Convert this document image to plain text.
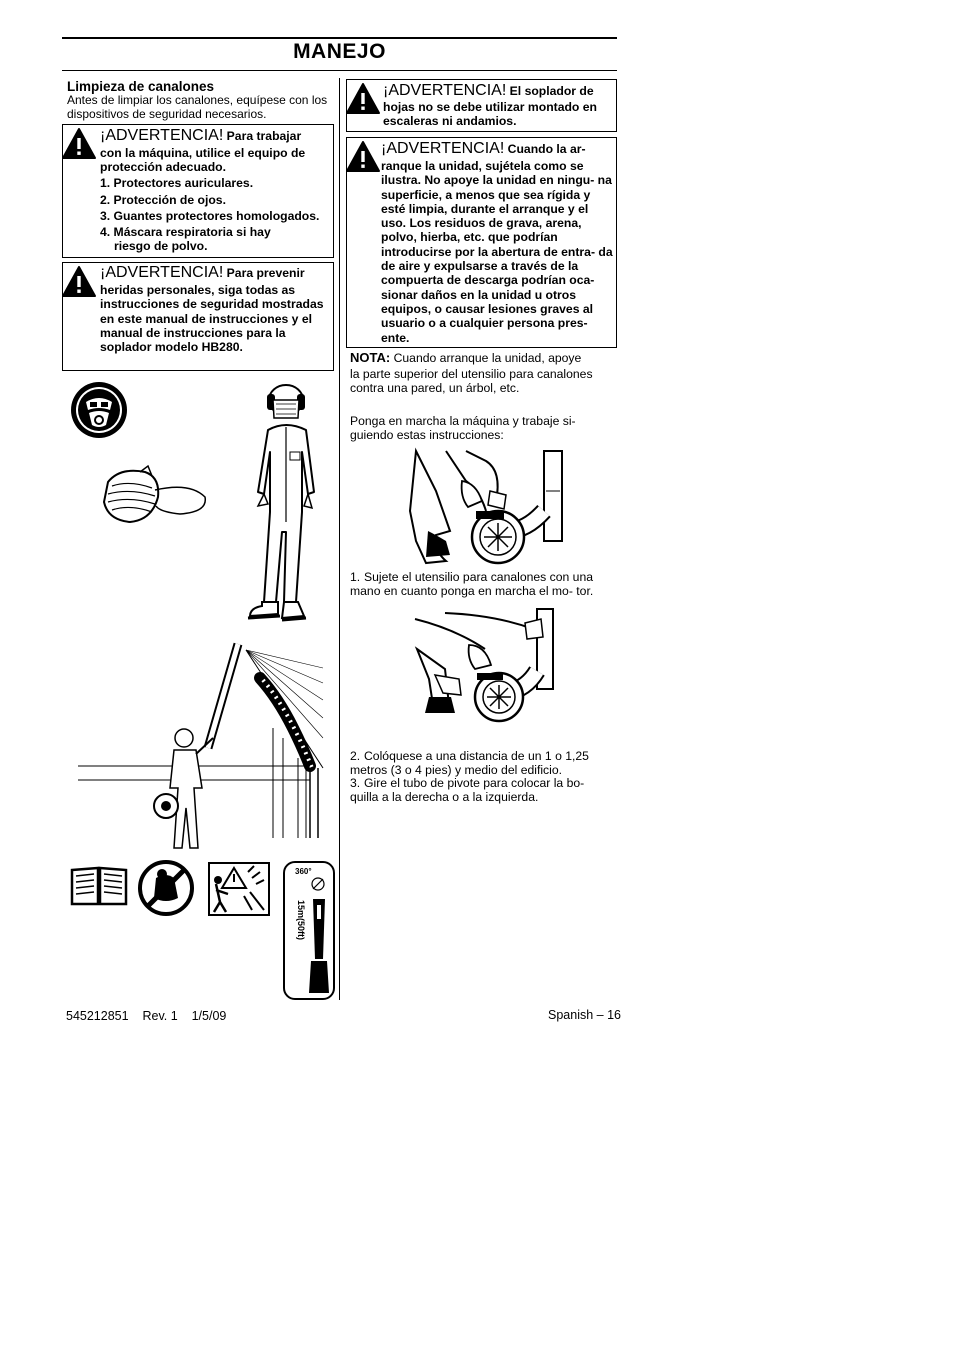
MANEJO
Limpieza de canalones
Antes de limpiar los canalones, equípese con los dispositivos de seguridad necesarios.
¡ADVERTENCIA! Para trabajar
con la máquina, utilice el equipo de protección adecuado.
1. Protectores auriculares.
2. Protección de ojos.
3. Guantes protectores homologados.
4. Máscara respiratoria si hay
riesgo de polvo.
¡ADVERTENCIA! Para prevenir
heridas personales, siga todas as instrucciones de seguridad mostradas en este manual de instrucciones y el manual de instrucciones para la soplador modelo HB280.
360°
15m(50ft)
¡ADVERTENCIA! El soplador de
hojas no se debe utilizar montado en escaleras ni andamios.
¡ADVERTENCIA! Cuando la ar-
ranque la unidad, sujétela como se ilustra. No apoye la unidad en ningu- na superficie, a menos que sea rígida y esté limpia, durante el arranque y el uso. Los residuos de grava, arena, polvo, hierba, etc. que podrían introducirse por la abertura de entra- da de aire y expulsarse a través de la compuerta de descarga podrían oca- sionar daños en la unidad u otros equipos, o causar lesiones graves al usuario o a cualquier persona pres- ente.
NOTA: Cuando arranque la unidad, apoye
la parte superior del utensilio para canalones contra una pared, un árbol, etc.
Ponga en marcha la máquina y trabaje si- guiendo estas instrucciones:
1. Sujete el utensilio para canalones con una mano en cuanto ponga en marcha el mo- tor.
2. Colóquese a una distancia de un 1 o 1,25 metros (3 o 4 pies) y medio del edificio.
3. Gire el tubo de pivote para colocar la bo- quilla a la derecha o a la izquierda.
545212851 Rev. 1 1/5/09	Spanish – 16
